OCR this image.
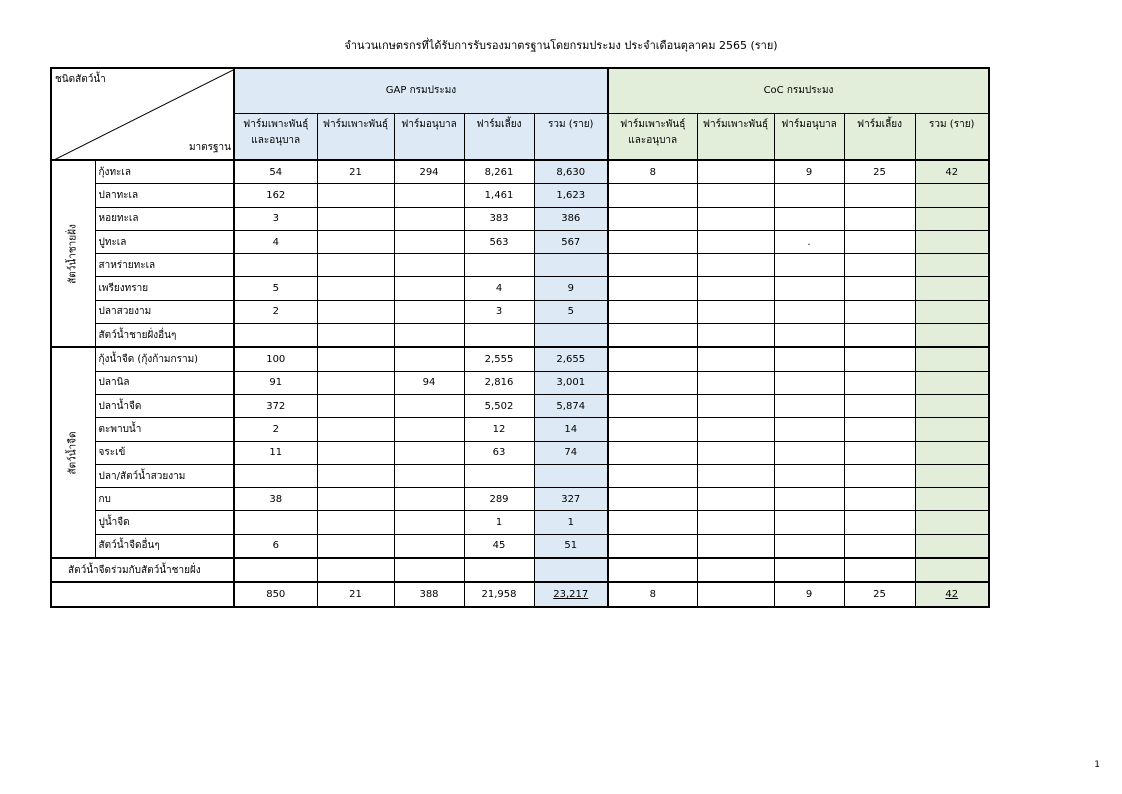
จำนวนเกษตรกรที่ได้รับการรับรองมาตรฐานโดยกรมประมง ประจำเดือนตุลาคม 2565 (ราย)
ชนิดสัตว์น้ำ
มาตรฐาน		GAP กรมประมง					CoC กรมประมง				
		ฟาร์มเพาะพันธุ์และอนุบาล	ฟาร์มเพาะพันธุ์	ฟาร์มอนุบาล	ฟาร์มเลี้ยง	รวม (ราย)	ฟาร์มเพาะพันธุ์และอนุบาล	ฟาร์มเพาะพันธุ์	ฟาร์มอนุบาล	ฟาร์มเลี้ยง	รวม (ราย)

สัตว์น้ำชายฝั่ง	กุ้งทะเล	54	21	294	8,261	8,630	8		9	25	42
	ปลาทะเล	162			1,461	1,623					
	หอยทะเล	3			383	386					
	ปูทะเล	4			563	567			.		
	สาหร่ายทะเล										
	เพรียงทราย	5			4	9					
	ปลาสวยงาม	2			3	5					
	สัตว์น้ำชายฝั่งอื่นๆ										

สัตว์น้ำจืด	กุ้งน้ำจืด (กุ้งก้ามกราม)	100			2,555	2,655					
	ปลานิล	91		94	2,816	3,001					
	ปลาน้ำจืด	372			5,502	5,874					
	ตะพาบน้ำ	2			12	14					
	จระเข้	11			63	74					
	ปลา/สัตว์น้ำสวยงาม										
	กบ	38			289	327					
	ปูน้ำจืด				1	1					
	สัตว์น้ำจืดอื่นๆ	6			45	51					
สัตว์น้ำจืดร่วมกับสัตว์น้ำชายฝั่ง											
		850	21	388	21,958	23,217	8		9	25	42
1
